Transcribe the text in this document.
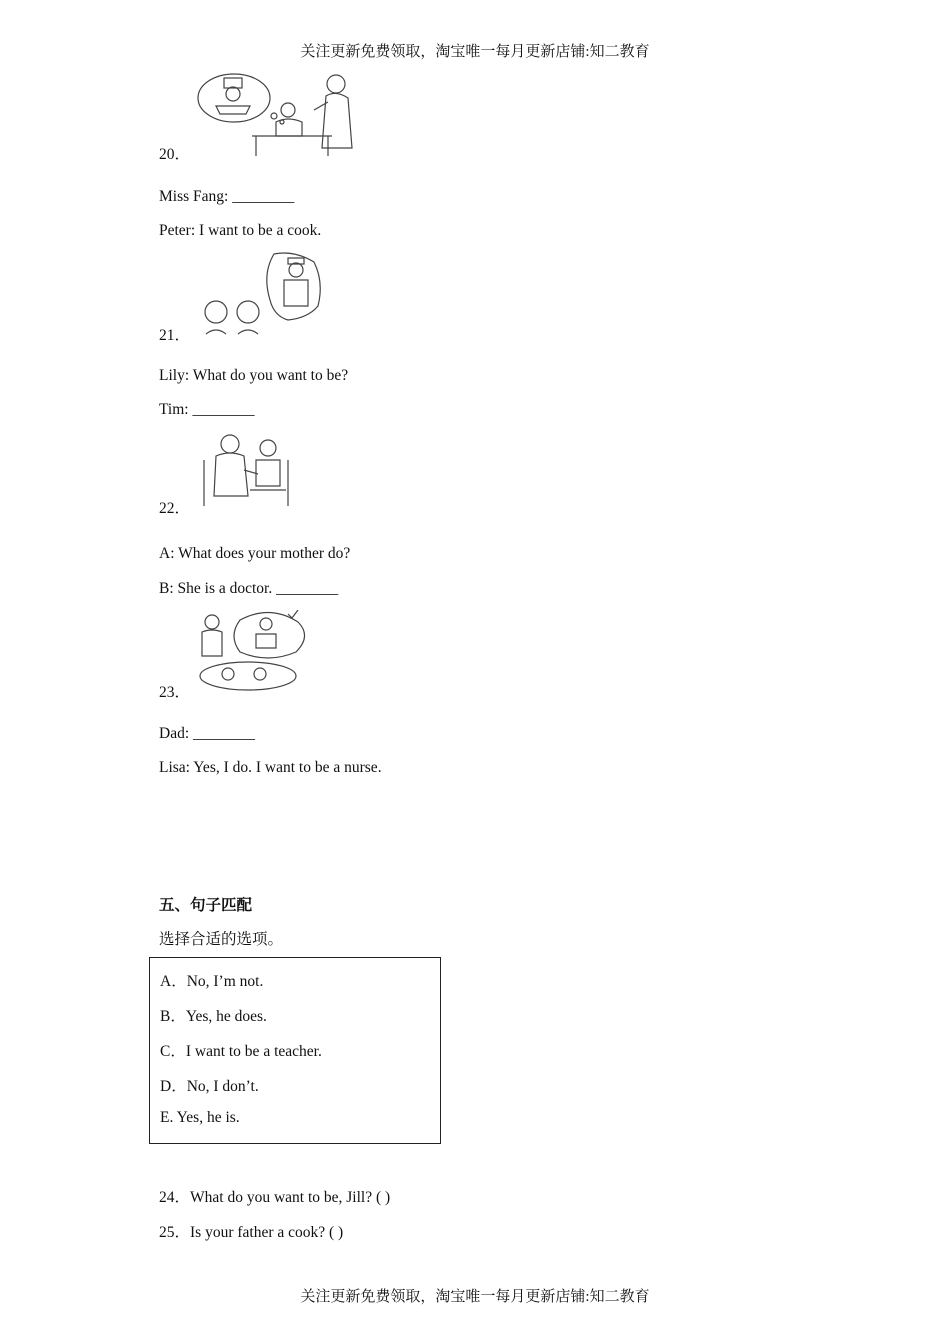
关注更新免费领取，淘宝唯一每月更新店铺:知二教育
20．
Miss Fang: ________
Peter: I want to be a cook.
21．
Lily: What do you want to be?
Tim: ________
22．
A: What does your mother do?
B: She is a doctor. ________
23．
Dad: ________
Lisa: Yes, I do. I want to be a nurse.
五、句子匹配
选择合适的选项。
A．No, I’m not.
B．Yes, he does.
C．I want to be a teacher.
D．No, I don’t.
E. Yes, he is.
24．What do you want to be, Jill? ( )
25．Is your father a cook? ( )
关注更新免费领取，淘宝唯一每月更新店铺:知二教育
